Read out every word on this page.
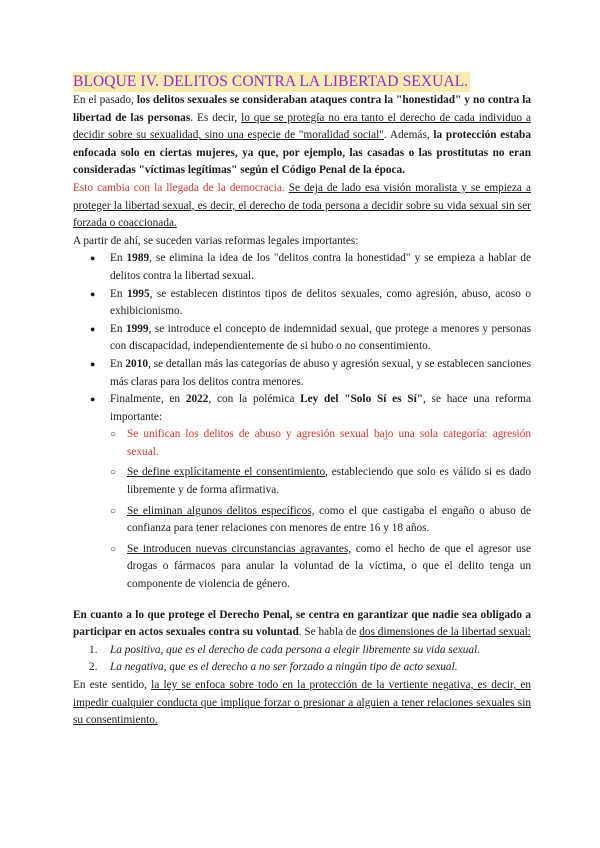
BLOQUE IV. DELITOS CONTRA LA LIBERTAD SEXUAL.

En el pasado, los delitos sexuales se consideraban ataques contra la "honestidad" y no contra la libertad de las personas. Es decir, lo que se protegía no era tanto el derecho de cada individuo a decidir sobre su sexualidad, sino una especie de "moralidad social". Además, la protección estaba enfocada solo en ciertas mujeres, ya que, por ejemplo, las casadas o las prostitutas no eran consideradas "víctimas legítimas" según el Código Penal de la época.

Esto cambia con la llegada de la democracia. Se deja de lado esa visión moralista y se empieza a proteger la libertad sexual, es decir, el derecho de toda persona a decidir sobre su vida sexual sin ser forzada o coaccionada.

A partir de ahí, se suceden varias reformas legales importantes:

● En 1989, se elimina la idea de los "delitos contra la honestidad" y se empieza a hablar de delitos contra la libertad sexual.
● En 1995, se establecen distintos tipos de delitos sexuales, como agresión, abuso, acoso o exhibicionismo.
● En 1999, se introduce el concepto de indemnidad sexual, que protege a menores y personas con discapacidad, independientemente de si hubo o no consentimiento.
● En 2010, se detallan más las categorías de abuso y agresión sexual, y se establecen sanciones más claras para los delitos contra menores.
● Finalmente, en 2022, con la polémica Ley del "Solo Sí es Sí", se hace una reforma importante:
○ Se unifican los delitos de abuso y agresión sexual bajo una sola categoría: agresión sexual.
○ Se define explícitamente el consentimiento, estableciendo que solo es válido si es dado libremente y de forma afirmativa.
○ Se eliminan algunos delitos específicos, como el que castigaba el engaño o abuso de confianza para tener relaciones con menores de entre 16 y 18 años.
○ Se introducen nuevas circunstancias agravantes, como el hecho de que el agresor use drogas o fármacos para anular la voluntad de la víctima, o que el delito tenga un componente de violencia de género.

En cuanto a lo que protege el Derecho Penal, se centra en garantizar que nadie sea obligado a participar en actos sexuales contra su voluntad. Se habla de dos dimensiones de la libertad sexual:

1. La positiva, que es el derecho de cada persona a elegir libremente su vida sexual.
2. La negativa, que es el derecho a no ser forzado a ningún tipo de acto sexual.

En este sentido, la ley se enfoca sobre todo en la protección de la vertiente negativa, es decir, en impedir cualquier conducta que implique forzar o presionar a alguien a tener relaciones sexuales sin su consentimiento.
